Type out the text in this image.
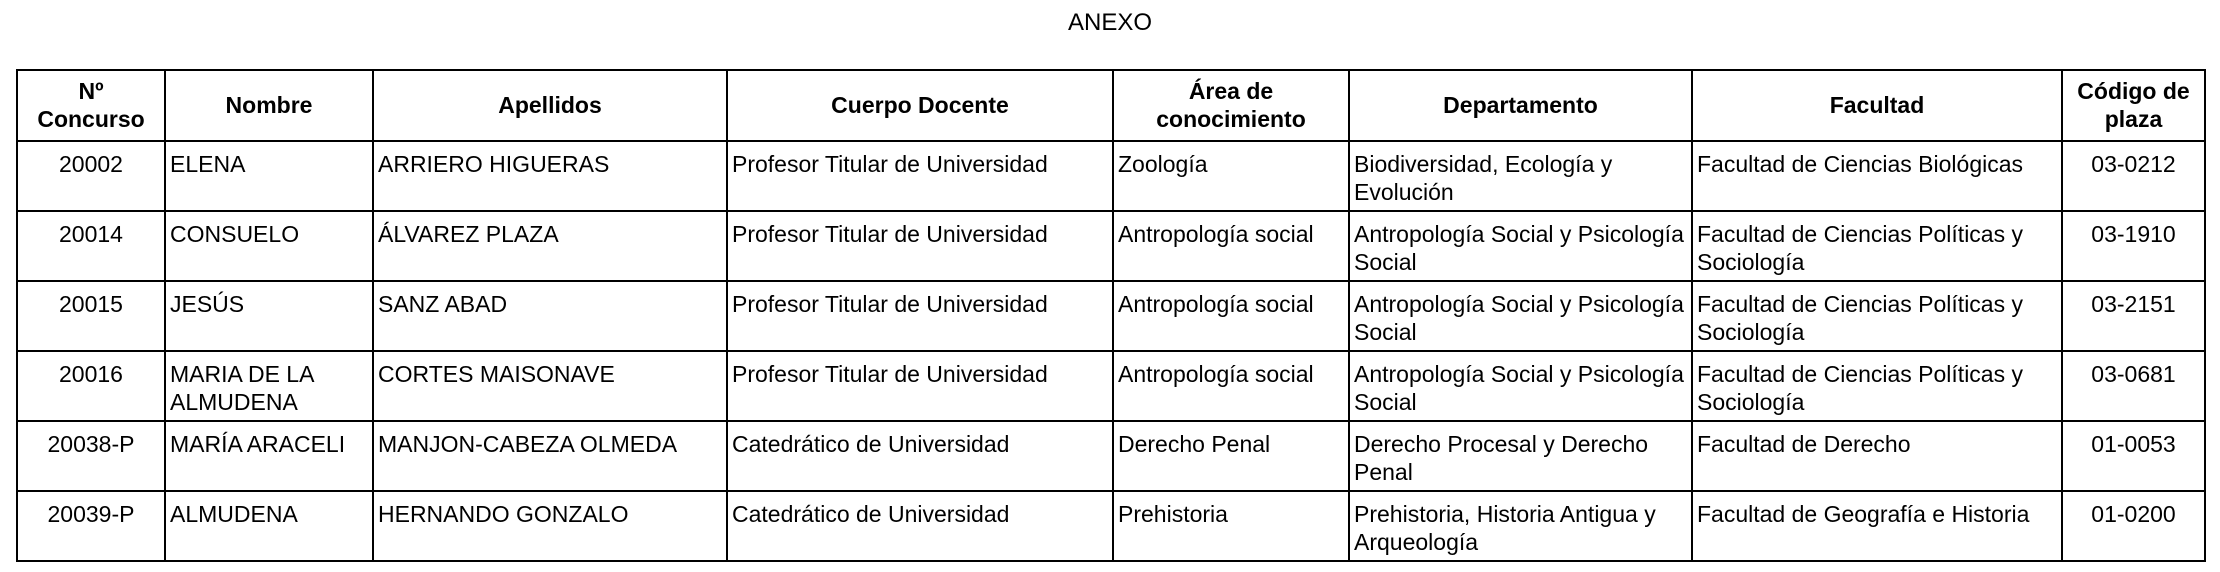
ANEXO
Nº Concurso	Nombre	Apellidos	Cuerpo Docente	Área de conocimiento	Departamento	Facultad	Código de plaza
20002	ELENA	ARRIERO HIGUERAS	Profesor Titular de Universidad	Zoología	Biodiversidad, Ecología y Evolución	Facultad de Ciencias Biológicas	03-0212
20014	CONSUELO	ÁLVAREZ PLAZA	Profesor Titular de Universidad	Antropología social	Antropología Social y Psicología Social	Facultad de Ciencias Políticas y Sociología	03-1910
20015	JESÚS	SANZ ABAD	Profesor Titular de Universidad	Antropología social	Antropología Social y Psicología Social	Facultad de Ciencias Políticas y Sociología	03-2151
20016	MARIA DE LA ALMUDENA	CORTES MAISONAVE	Profesor Titular de Universidad	Antropología social	Antropología Social y Psicología Social	Facultad de Ciencias Políticas y Sociología	03-0681
20038-P	MARÍA ARACELI	MANJON-CABEZA OLMEDA	Catedrático de Universidad	Derecho Penal	Derecho Procesal y Derecho Penal	Facultad de Derecho	01-0053
20039-P	ALMUDENA	HERNANDO GONZALO	Catedrático de Universidad	Prehistoria	Prehistoria, Historia Antigua y Arqueología	Facultad de Geografía e Historia	01-0200
